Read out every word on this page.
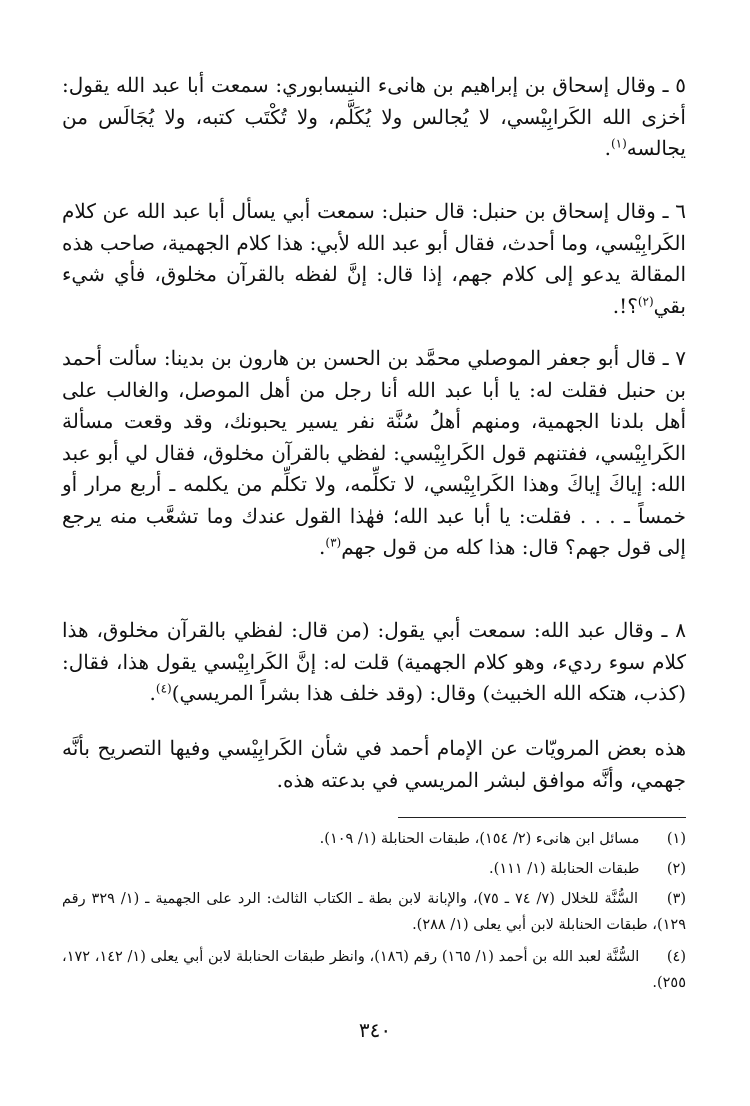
٥ ـ وقال إسحاق بن إبراهيم بن هانىء النيسابوري: سمعت أبا عبد الله يقول: أخزى الله الكَرابِيْسي، لا يُجالس ولا يُكَلَّم، ولا تُكْتَب كتبه، ولا يُجَالَس من يجالسه$^{(١)}$.

٦ ـ وقال إسحاق بن حنبل: قال حنبل: سمعت أبي يسأل أبا عبد الله عن كلام الكَرابِيْسي، وما أحدث، فقال أبو عبد الله لأبي: هذا كلام الجهمية، صاحب هذه المقالة يدعو إلى كلام جهم، إذا قال: إنَّ لفظه بالقرآن مخلوق، فأي شيء بقي$^{(٢)}$؟!.

٧ ـ قال أبو جعفر الموصلي محمَّد بن الحسن بن هارون بن بدينا: سألت أحمد بن حنبل فقلت له: يا أبا عبد الله أنا رجل من أهل الموصل، والغالب على أهل بلدنا الجهمية، ومنهم أهلُ سُنَّة نفر يسير يحبونك، وقد وقعت مسألة الكَرابِيْسي، ففتنهم قول الكَرابِيْسي: لفظي بالقرآن مخلوق، فقال لي أبو عبد الله: إياكَ إياكَ وهذا الكَرابِيْسي، لا تكلِّمه، ولا تكلِّم من يكلمه ـ أربع مرار أو خمساً ـ . . . فقلت: يا أبا عبد الله؛ فهٰذا القول عندك وما تشعَّب منه يرجع إلى قول جهم؟ قال: هذا كله من قول جهم$^{(٣)}$.

٨ ـ وقال عبد الله: سمعت أبي يقول: (من قال: لفظي بالقرآن مخلوق، هذا كلام سوء رديء، وهو كلام الجهمية) قلت له: إنَّ الكَرابِيْسي يقول هذا، فقال: (كذب، هتكه الله الخبيث) وقال: (وقد خلف هذا بشراً المريسي)$^{(٤)}$.

هذه بعض المرويّات عن الإمام أحمد في شأن الكَرابِيْسي وفيها التصريح بأنَّه جهمي، وأنَّه موافق لبشر المريسي في بدعته هذه.

(١) مسائل ابن هانىء (٢/ ١٥٤)، طبقات الحنابلة (١/ ١٠٩).
(٢) طبقات الحنابلة (١/ ١١١).
(٣) السُّنَّة للخلال (٧/ ٧٤ ـ ٧٥)، والإبانة لابن بطة ـ الكتاب الثالث: الرد على الجهمية ـ (١/ ٣٢٩ رقم ١٢٩)، طبقات الحنابلة لابن أبي يعلى (١/ ٢٨٨).
(٤) السُّنَّة لعبد الله بن أحمد (١/ ١٦٥) رقم (١٨٦)، وانظر طبقات الحنابلة لابن أبي يعلى (١/ ١٤٢، ١٧٢، ٢٥٥).
٣٤٠
